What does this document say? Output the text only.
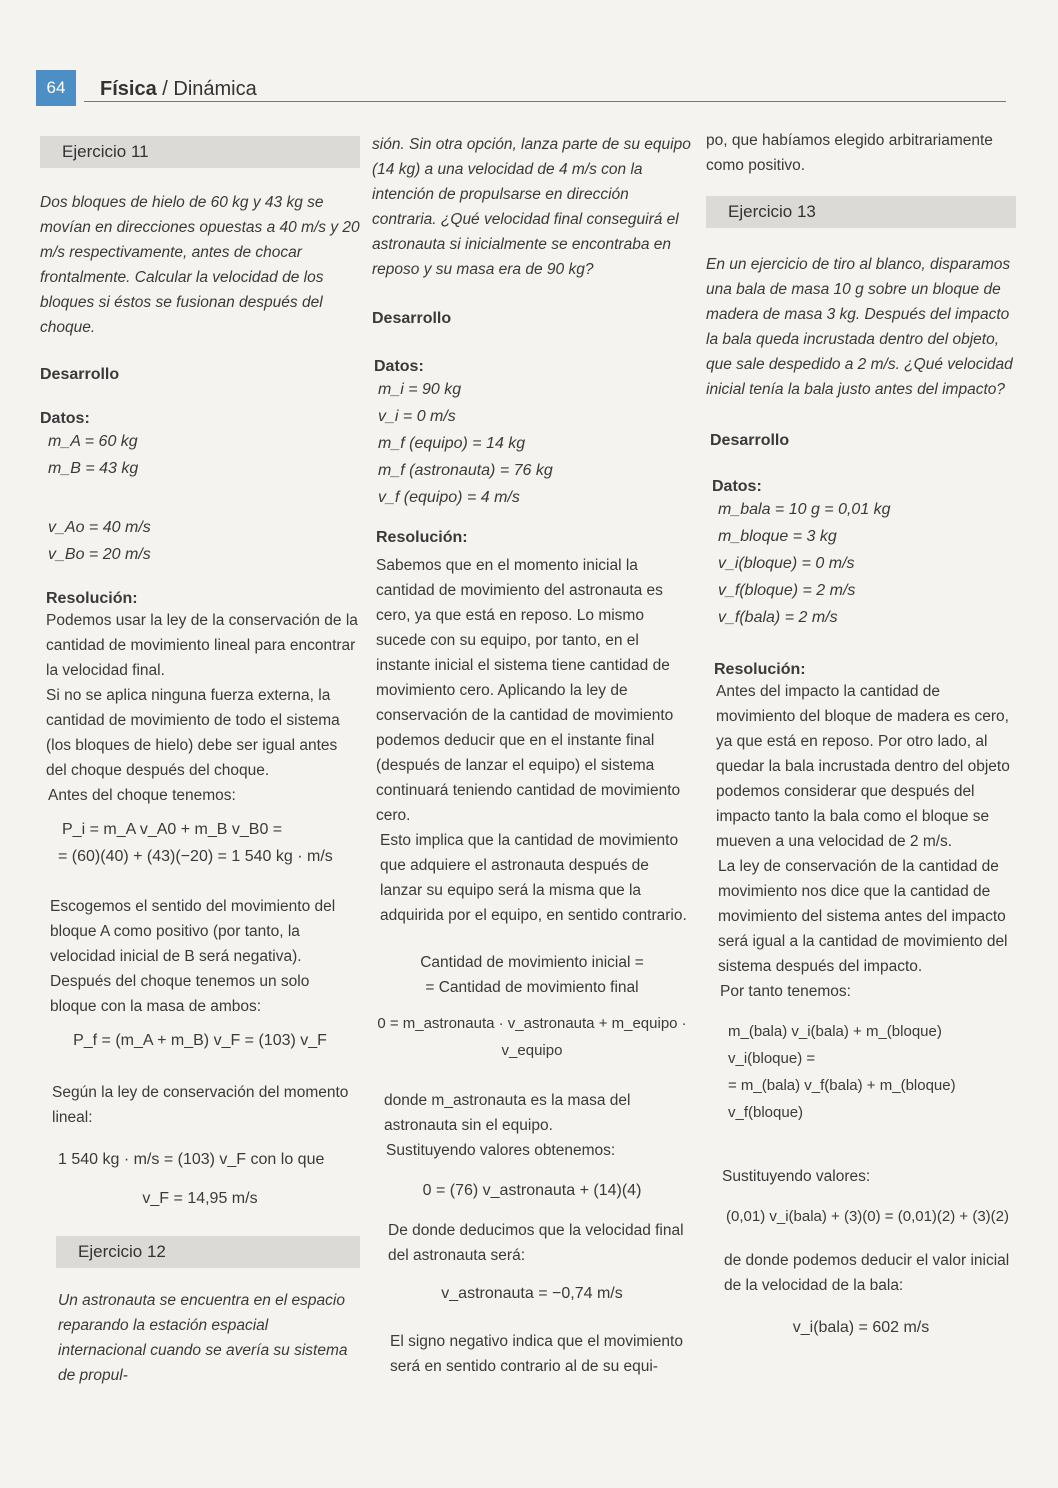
64	Física / Dinámica
Ejercicio 11
Dos bloques de hielo de 60 kg y 43 kg se movían en direcciones opuestas a 40 m/s y 20 m/s respectivamente, antes de chocar frontalmente. Calcular la velocidad de los bloques si éstos se fusionan después del choque.
Desarrollo
Datos:
m_A = 60 kg
m_B = 43 kg
v_Ao = 40 m/s
v_Bo = 20 m/s
Resolución:
Podemos usar la ley de la conservación de la cantidad de movimiento lineal para encontrar la velocidad final.
Si no se aplica ninguna fuerza externa, la cantidad de movimiento de todo el sistema (los bloques de hielo) debe ser igual antes del choque después del choque.
Antes del choque tenemos:
P_i = m_A v_A0 + m_B v_B0 =
= (60)(40) + (43)(−20) = 1 540 kg · m/s
Escogemos el sentido del movimiento del bloque A como positivo (por tanto, la velocidad inicial de B será negativa).
Después del choque tenemos un solo bloque con la masa de ambos:
P_f = (m_A + m_B) v_F = (103) v_F
Según la ley de conservación del momento lineal:
1 540 kg · m/s = (103) v_F con lo que
v_F = 14,95 m/s
Ejercicio 12
Un astronauta se encuentra en el espacio reparando la estación espacial internacional cuando se avería su sistema de propul-
sión. Sin otra opción, lanza parte de su equipo (14 kg) a una velocidad de 4 m/s con la intención de propulsarse en dirección contraria. ¿Qué velocidad final conseguirá el astronauta si inicialmente se encontraba en reposo y su masa era de 90 kg?
Desarrollo
Datos:
m_i = 90 kg
v_i = 0 m/s
m_f (equipo) = 14 kg
m_f (astronauta) = 76 kg
v_f (equipo) = 4 m/s
Resolución:
Sabemos que en el momento inicial la cantidad de movimiento del astronauta es cero, ya que está en reposo. Lo mismo sucede con su equipo, por tanto, en el instante inicial el sistema tiene cantidad de movimiento cero. Aplicando la ley de conservación de la cantidad de movimiento podemos deducir que en el instante final (después de lanzar el equipo) el sistema continuará teniendo cantidad de movimiento cero.
Esto implica que la cantidad de movimiento que adquiere el astronauta después de lanzar su equipo será la misma que la adquirida por el equipo, en sentido contrario.
Cantidad de movimiento inicial =
= Cantidad de movimiento final
0 = m_astronauta · v_astronauta + m_equipo · v_equipo
donde m_astronauta es la masa del astronauta sin el equipo.
Sustituyendo valores obtenemos:
0 = (76) v_astronauta + (14)(4)
De donde deducimos que la velocidad final del astronauta será:
v_astronauta = −0,74 m/s
El signo negativo indica que el movimiento será en sentido contrario al de su equi-
po, que habíamos elegido arbitrariamente como positivo.
Ejercicio 13
En un ejercicio de tiro al blanco, disparamos una bala de masa 10 g sobre un bloque de madera de masa 3 kg. Después del impacto la bala queda incrustada dentro del objeto, que sale despedido a 2 m/s. ¿Qué velocidad inicial tenía la bala justo antes del impacto?
Desarrollo
Datos:
m_bala = 10 g = 0,01 kg
m_bloque = 3 kg
v_i(bloque) = 0 m/s
v_f(bloque) = 2 m/s
v_f(bala) = 2 m/s
Resolución:
Antes del impacto la cantidad de movimiento del bloque de madera es cero, ya que está en reposo. Por otro lado, al quedar la bala incrustada dentro del objeto podemos considerar que después del impacto tanto la bala como el bloque se mueven a una velocidad de 2 m/s.
La ley de conservación de la cantidad de movimiento nos dice que la cantidad de movimiento del sistema antes del impacto será igual a la cantidad de movimiento del sistema después del impacto.
Por tanto tenemos:
m_(bala) v_i(bala) + m_(bloque) v_i(bloque) =
= m_(bala) v_f(bala) + m_(bloque) v_f(bloque)
Sustituyendo valores:
(0,01) v_i(bala) + (3)(0) = (0,01)(2) + (3)(2)
de donde podemos deducir el valor inicial de la velocidad de la bala:
v_i(bala) = 602 m/s
